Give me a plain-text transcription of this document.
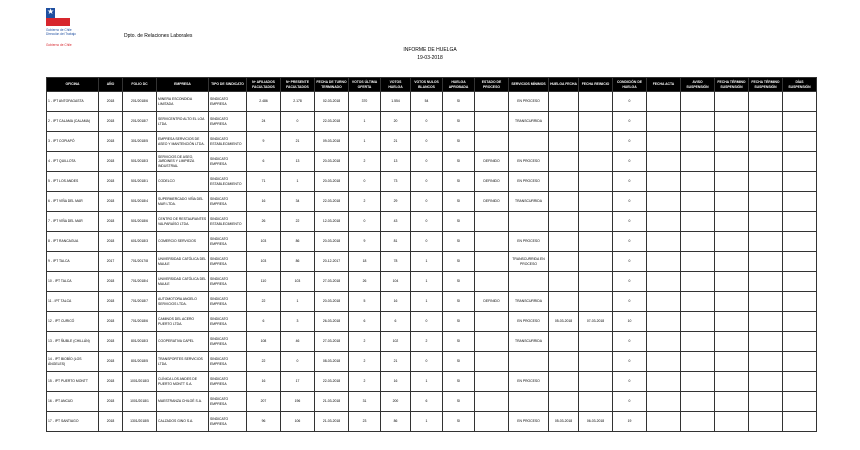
★
Gobierno de Chile
Dirección del Trabajo
Gobierno de Chile
Dpto. de Relaciones Laborales
INFORME DE HUELGA
19-03-2018
OFICINA	AÑO	FOLIO DC	EMPRESA	TIPO DE SINDICATO	Nº AFILIADOS FACULTADOS	Nº PRESENTE FACULTADOS	FECHA DE TURNO TERMINADO	VOTOS ÚLTIMA OFERTA	VOTOS HUELGA	VOTOS NULOS BLANCOS	HUELGA APROBADA	ESTADO DE PROCESO	SERVICIOS MÍNIMOS	HUELGA FECHA	FECHA REINICIO	CONDICIÓN DE HUELGA	FECHA ACTA	AVISO SUSPENSIÓN	FECHA TÉRMINO SUSPENSIÓN	FECHA TÉRMINO SUSPENSIÓN	DÍAS SUSPENSIÓN
1 - IPT ANTOFAGASTA	2018	201/2018/6	MINERA ESCONDIDA LIMITADA	SINDICATO EMPRESA	2.486	2.178	02-03-2018	370	1.554	54	SI		EN PROCESO			0					
2 - IPT CALAMA (CALAMA)	2018	201/2018/7	SERVICENTRO ALTO EL LOA LTDA.	SINDICATO EMPRESA	24	0	22-03-2018	1	20	0	SI		TRANSCURRIDA			0					
3 - IPT COPIAPÓ	2018	301/2018/5	EMPRESA SERVICIOS DE ASEO Y MANTENCIÓN LTDA.	SINDICATO ESTABLECIMIENTO	9	21	09-03-2018	1	21	0	SI					0					
4 - IPT QUILLOTA	2018	501/2018/3	SERVICIOS DE ASEO, JARDINES Y LIMPIEZA INDUSTRIAL	SINDICATO EMPRESA	6	13	20-03-2018	2	13	0	SI	DEFINIDO	EN PROCESO			0					
5 - IPT LOS ANDES	2018	501/2018/1	CODELCO	SINDICATO ESTABLECIMIENTO	71	1	20-03-2018	0	73	0	SI	DEFINIDO	EN PROCESO			0					
6 - IPT VIÑA DEL MAR	2018	501/2018/4	SUPERMERCADO VIÑA DEL MAR LTDA.	SINDICATO EMPRESA	16	34	22-03-2018	2	29	0	SI	DEFINIDO	TRANSCURRIDA			0					
7 - IPT VIÑA DEL MAR	2018	501/2018/6	CENTRO DE RESTAURANTES VALPARAÍSO LTDA.	SINDICATO ESTABLECIMIENTO	26	22	12-03-2018	0	43	0	SI					0					
8 - IPT RANCAGUA	2018	601/2018/3	COMERCIO SERVICIOS	SINDICATO EMPRESA	103	86	20-03-2018	9	81	0	SI		EN PROCESO			0					
9 - IPT TALCA	2017	701/2017/8	UNIVERSIDAD CATÓLICA DEL MAULE	SINDICATO EMPRESA	103	86	20-12-2017	18	78	1	SI		TRANSCURRIDA EN PROCESO			0					
10 - IPT TALCA	2018	701/2018/4	UNIVERSIDAD CATÓLICA DEL MAULE	SINDICATO EMPRESA	110	103	27-03-2018	26	104	1	SI					0					
11 - IPT TALCA	2018	701/2018/7	AUTOMOTORA ANGELO SERVICIOS LTDA.	SINDICATO EMPRESA	22	1	20-03-2018	5	16	1	SI	DEFINIDO	TRANSCURRIDA			0					
12 - IPT CURICÓ	2018	701/2018/6	CAMINOS DEL ACERO PUERTO LTDA.	SINDICATO EMPRESA	6	3	26-03-2018	6	6	0	SI		EN PROCESO	05-03-2018	07-03-2018	10					
13 - IPT ÑUBLE (CHILLÁN)	2018	801/2018/3	COOPERATIVA CAPEL	SINDICATO EMPRESA	108	46	27-03-2018	2	102	2	SI		TRANSCURRIDA			0					
14 - IPT BIOBÍO (LOS ÁNGELES)	2018	801/2018/5	TRANSPORTES SERVICIOS LTDA.	SINDICATO EMPRESA	22	0	08-03-2018	2	21	0	SI					0					
15 - IPT PUERTO MONTT	2018	1001/2018/3	CLÍNICA LOS ANDES DE PUERTO MONTT S.A.	SINDICATO EMPRESA	16	17	22-03-2018	2	16	1	SI		EN PROCESO			0					
16 - IPT ANCUD	2018	1001/2018/1	MAESTRANZA CHILOÉ S.A.	SINDICATO EMPRESA	207	196	21-03-2018	31	200	6	SI					0					
17 - IPT SANTIAGO	2018	1301/2018/5	CALZADOS GINO S.A.	SINDICATO EMPRESA	96	106	21-03-2018	23	86	1	SI		EN PROCESO	05-03-2018	06-03-2018	19					
